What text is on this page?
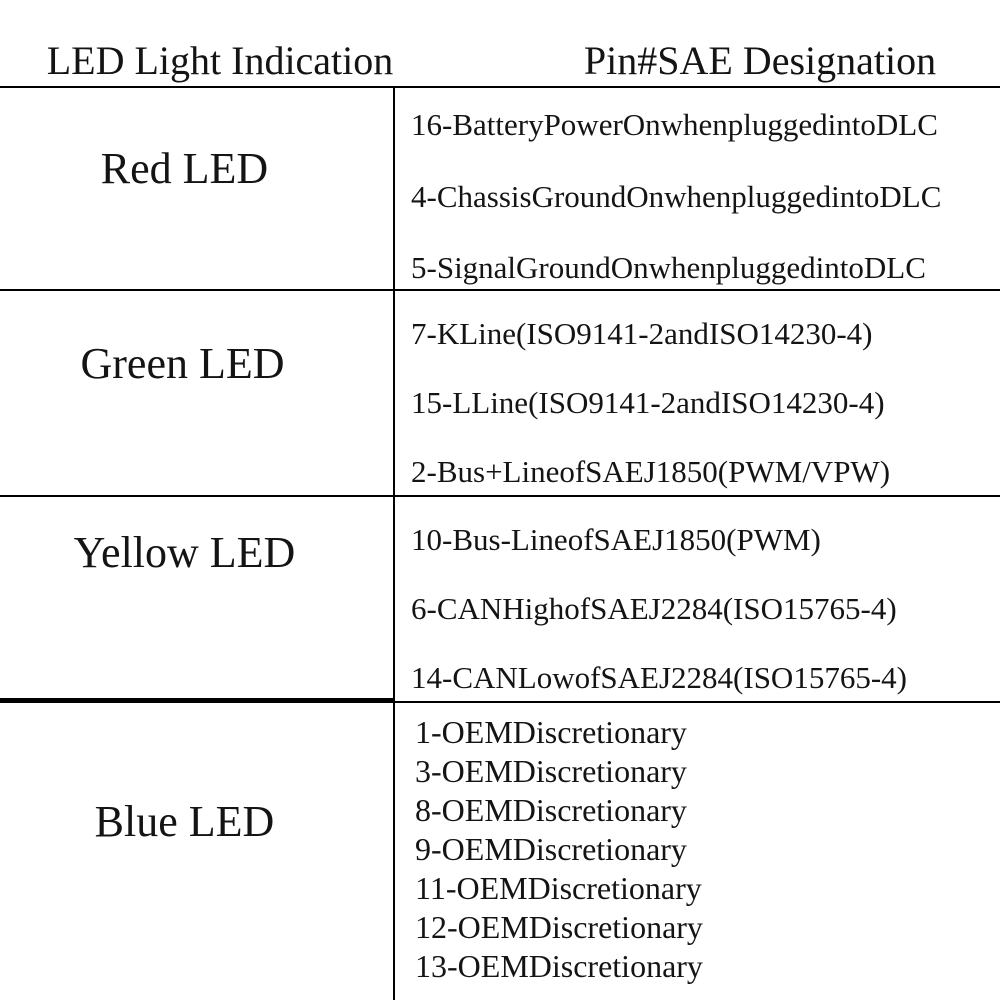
LED Light Indication	Pin#SAE Designation
Red LED
16-BatteryPowerOnwhenpluggedintoDLC
4-ChassisGroundOnwhenpluggedintoDLC
5-SignalGroundOnwhenpluggedintoDLC
Green LED
7-KLine(ISO9141-2andISO14230-4)
15-LLine(ISO9141-2andISO14230-4)
2-Bus+LineofSAEJ1850(PWM/VPW)
Yellow LED	10-Bus-LineofSAEJ1850(PWM)
6-CANHighofSAEJ2284(ISO15765-4)
14-CANLowofSAEJ2284(ISO15765-4)
Blue LED
1-OEMDiscretionary
3-OEMDiscretionary
8-OEMDiscretionary
9-OEMDiscretionary
11-OEMDiscretionary
12-OEMDiscretionary
13-OEMDiscretionary
